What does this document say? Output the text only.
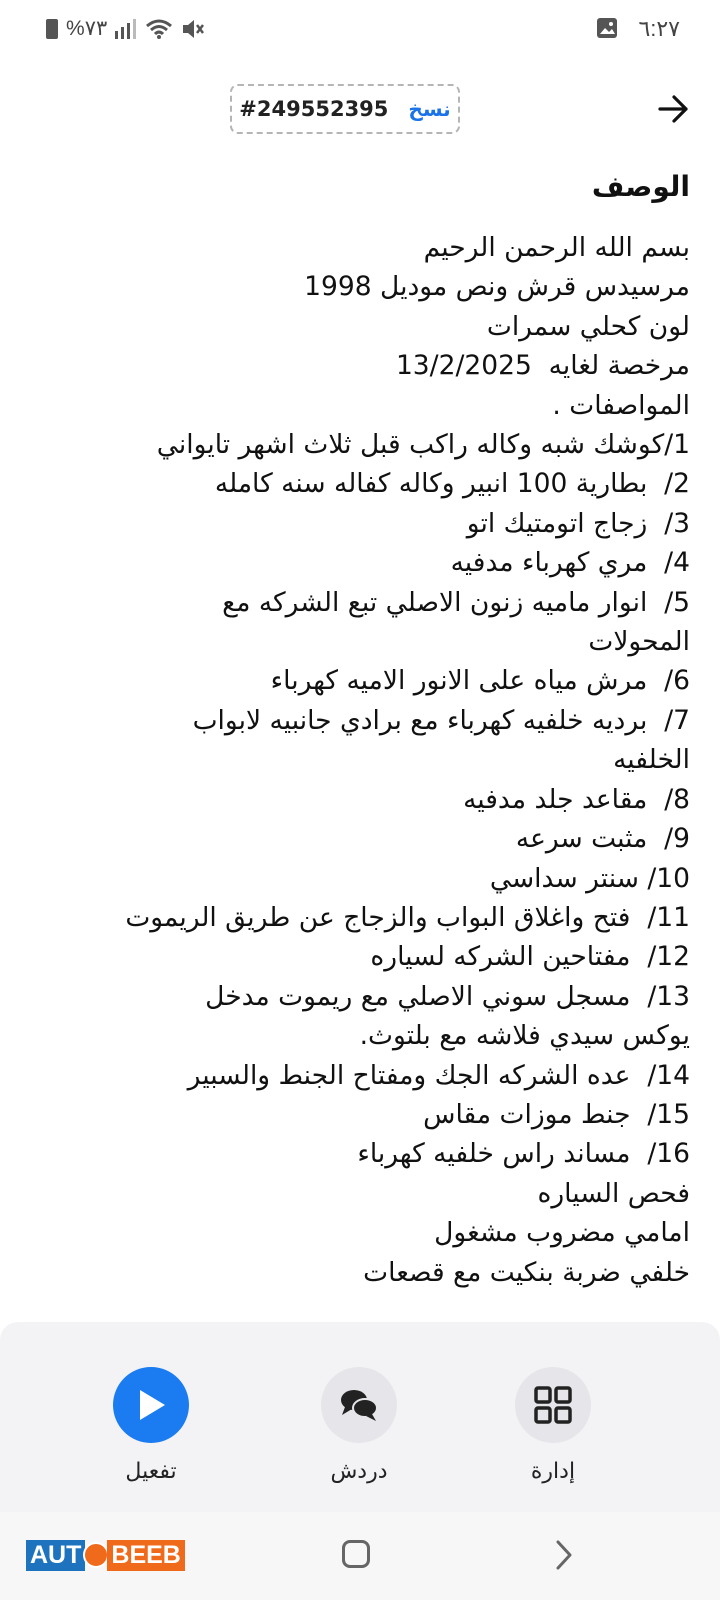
%٧٣	٦:٢٧
#249552395 نسخ
الوصف
بسم الله الرحمن الرحيم
مرسيدس قرش ونص موديل 1998
لون كحلي سمرات
مرخصة لغايه  13/2/2025
المواصفات .
1/كوشك شبه وكاله راكب قبل ثلاث اشهر تايواني
2/  بطارية 100 انبير وكاله كفاله سنه كامله
3/  زجاج اتومتيك اتو
4/  مري كهرباء مدفيه
5/  انوار ماميه زنون الاصلي تبع الشركه مع
المحولات
6/  مرش مياه على الانور الاميه كهرباء
7/  برديه خلفيه كهرباء مع برادي جانبيه لابواب
الخلفيه
8/  مقاعد جلد مدفيه
9/  مثبت سرعه
10/ سنتر سداسي
11/  فتح واغلاق البواب والزجاج عن طريق الريموت
12/  مفتاحين الشركه لسياره
13/  مسجل سوني الاصلي مع ريموت مدخل
يوكس سيدي فلاشه مع بلتوث.
14/  عده الشركه الجك ومفتاح الجنط والسبير
15/  جنط موزات مقاس
16/  مساند راس خلفيه كهرباء
فحص السياره
امامي مضروب مشغول
خلفي ضربة بنكيت مع قصعات
إدارة
دردش
تفعيل
AUT BEEB
